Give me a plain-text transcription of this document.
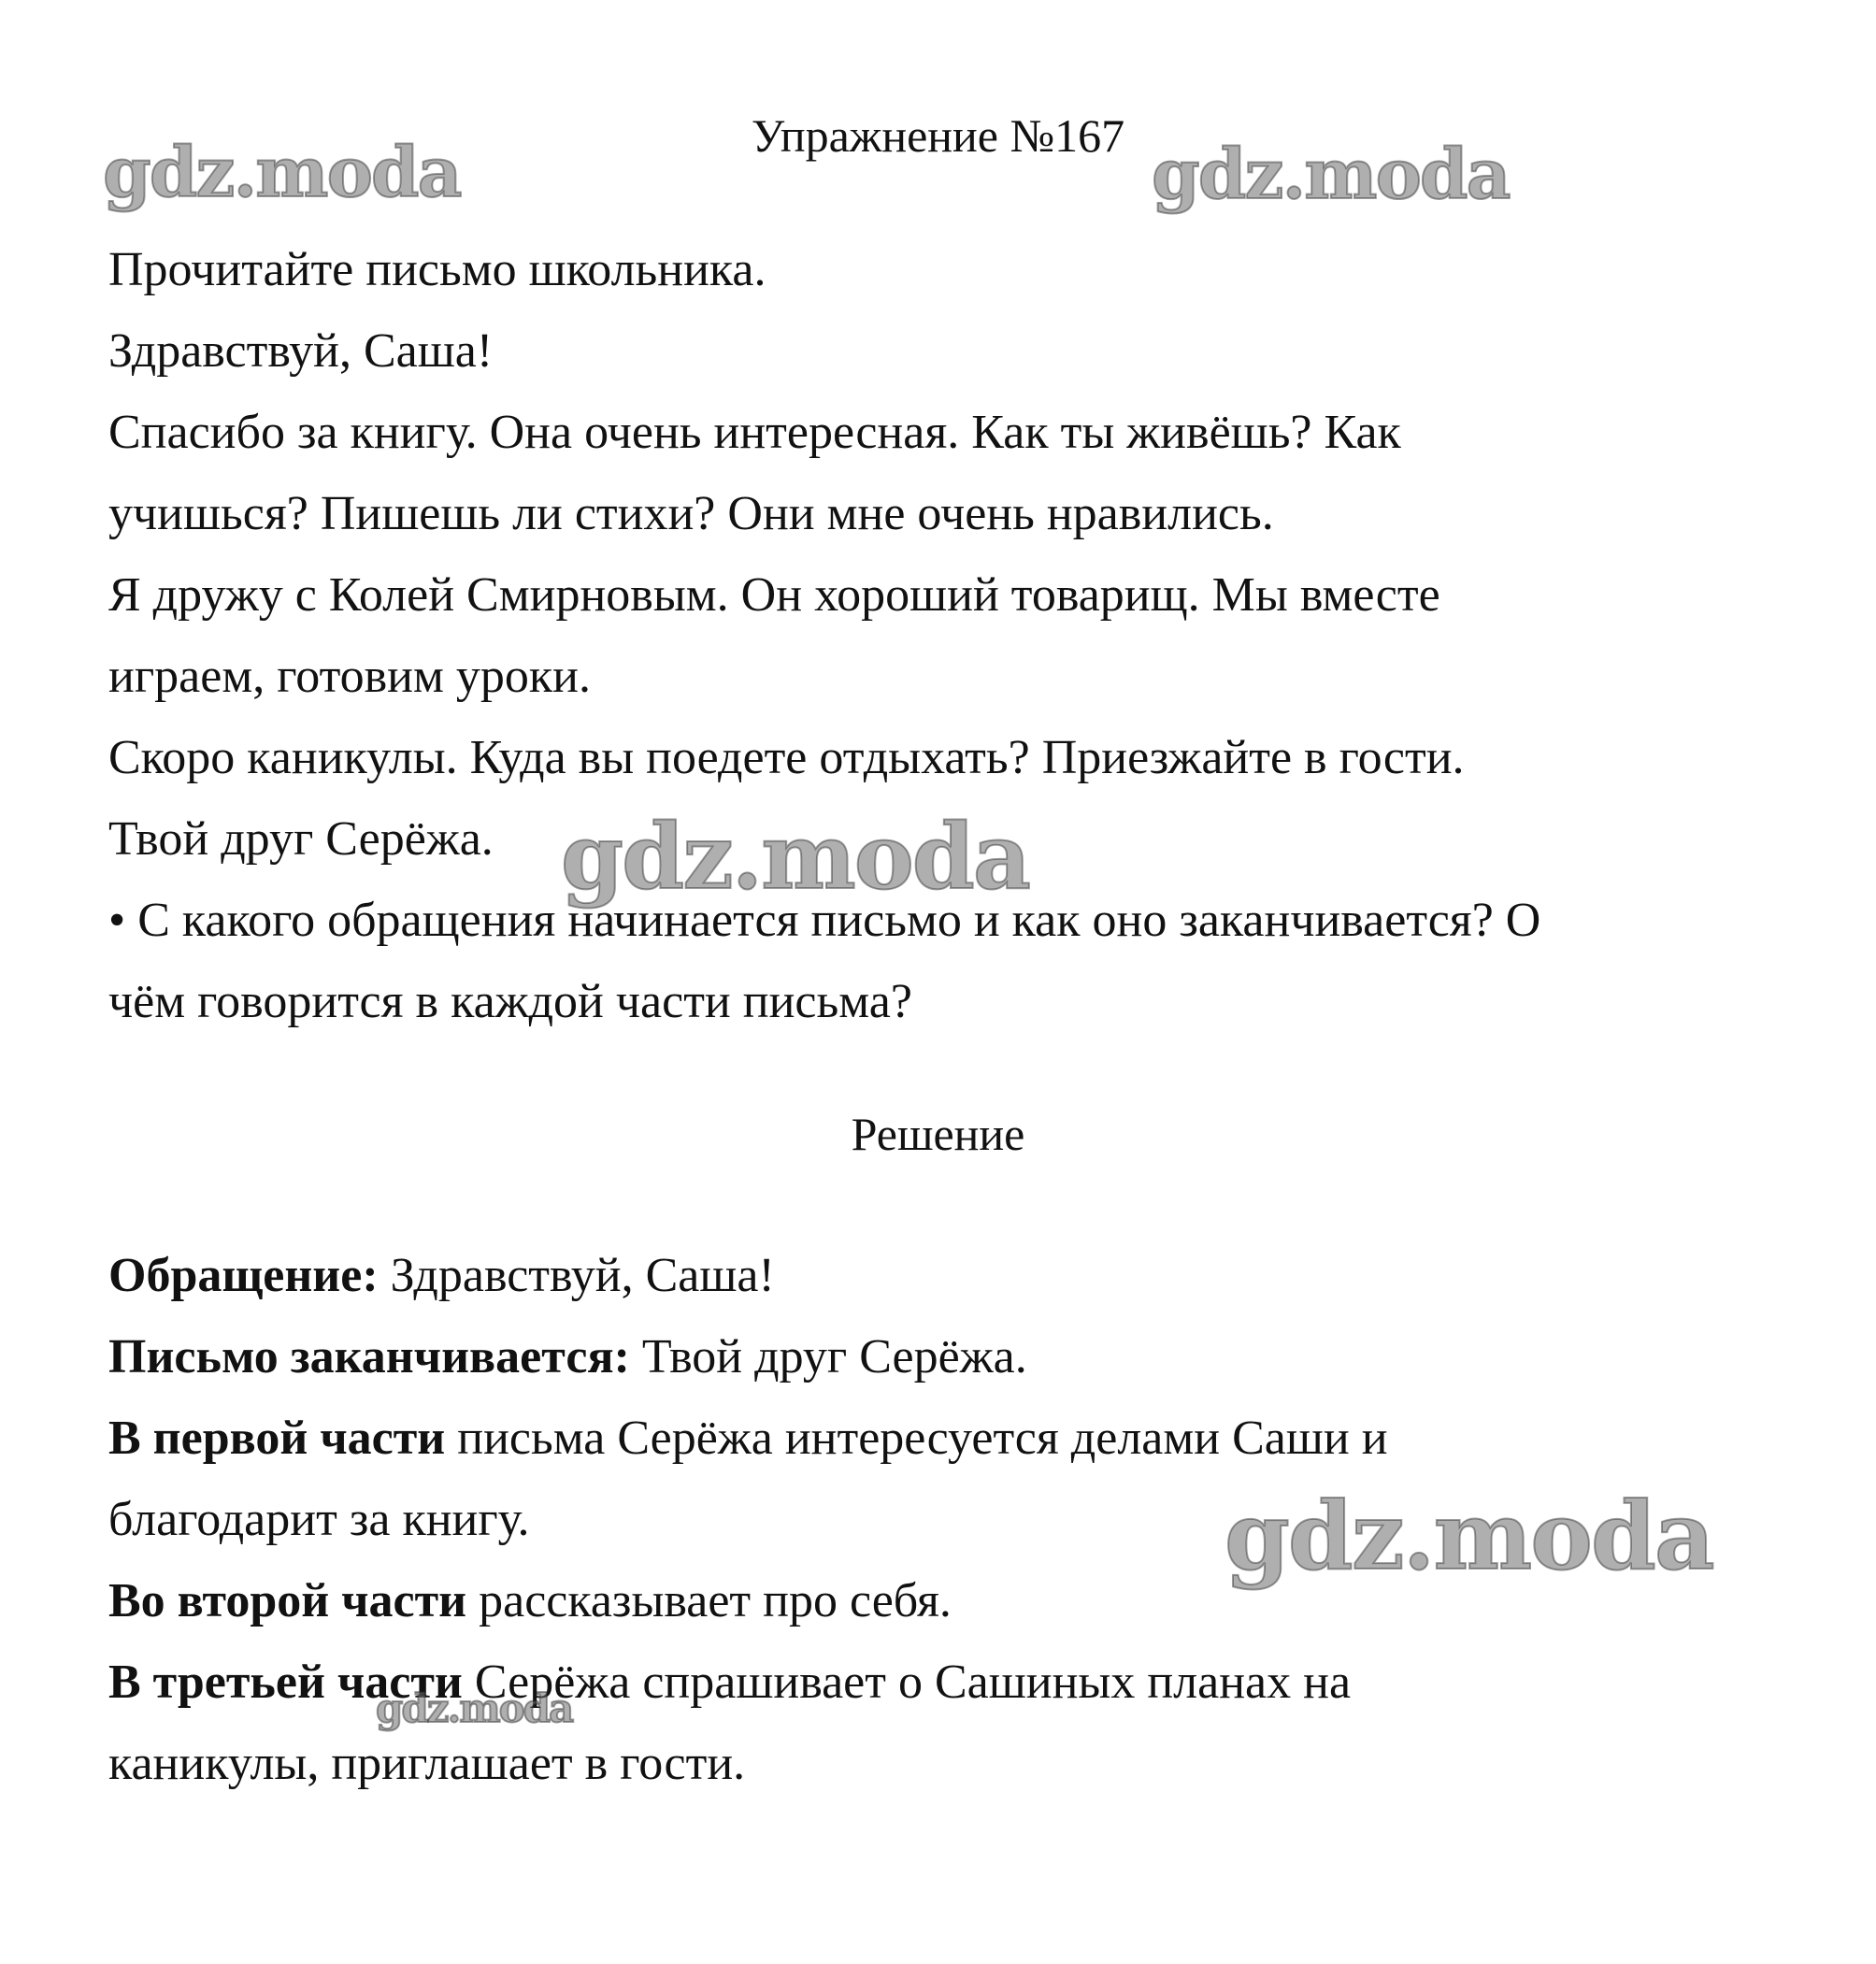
Упражнение №167
Прочитайте письмо школьника.
Здравствуй, Саша!
Спасибо за книгу. Она очень интересная. Как ты живёшь? Как
учишься? Пишешь ли стихи? Они мне очень нравились.
Я дружу с Колей Смирновым. Он хороший товарищ. Мы вместе
играем, готовим уроки.
Скоро каникулы. Куда вы поедете отдыхать? Приезжайте в гости.
Твой друг Серёжа.
• С какого обращения начинается письмо и как оно заканчивается? О
чём говорится в каждой части письма?
Решение
Обращение: Здравствуй, Саша!
Письмо заканчивается: Твой друг Серёжа.
В первой части письма Серёжа интересуется делами Саши и
благодарит за книгу.
Во второй части рассказывает про себя.
В третьей части Серёжа спрашивает о Сашиных планах на
каникулы, приглашает в гости.
gdz.moda	gdz.moda
gdz.moda
gdz.moda
gdz.moda
